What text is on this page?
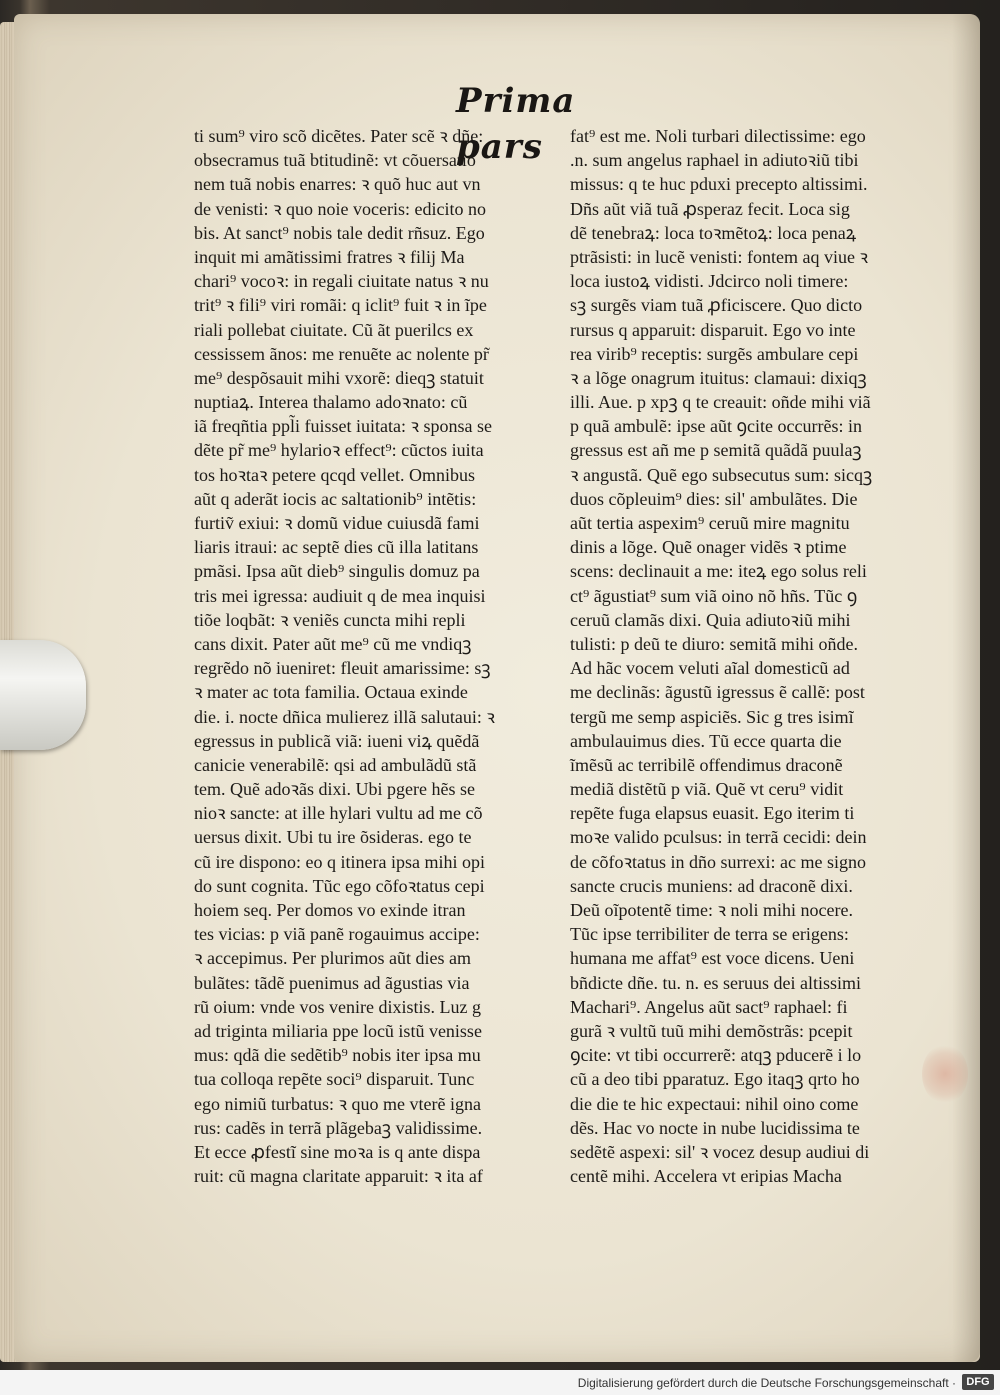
Prima pars
ti sum⁹ viro scõ dicẽtes. Pater scẽ ꝛ dñe:
obsecramus tuã btitudinẽ: vt cõuersatio
nem tuã nobis enarres: ꝛ quõ huc aut vn
de venisti: ꝛ quo noie voceris: edicito no
bis. At sanct⁹ nobis tale dedit rñsuz. Ego
inquit mi amãtissimi fratres ꝛ filij Ma
chari⁹ vocoꝛ: in regali ciuitate natus ꝛ nu
trit⁹ ꝛ fili⁹ viri romãi: q iclit⁹ fuit ꝛ in ĩpe
riali pollebat ciuitate. Cũ ãt puerilcs ex
cessissem ãnos: me renuẽte ac nolente pr̃
me⁹ despõsauit mihi vxorẽ: dieqꝫ statuit
nuptiaꝝ. Interea thalamo adoꝛnato: cũ
iã freqñtia ppl̃i fuisset iuitata: ꝛ sponsa se
dẽte pr̃ me⁹ hylarioꝛ effect⁹: cũctos iuita
tos hoꝛtaꝛ petere qcqd vellet. Omnibus
aũt q aderãt iocis ac saltationib⁹ intẽtis:
furtiṽ exiui: ꝛ domũ vidue cuiusdã fami
liaris itraui: ac septẽ dies cũ illa latitans
pmãsi. Ipsa aũt dieb⁹ singulis domuz pa
tris mei igressa: audiuit q de mea inquisi
tiõe loqbãt: ꝛ veniẽs cuncta mihi repli
cans dixit. Pater aũt me⁹ cũ me vndiqꝫ
regrẽdo nõ iueniret: fleuit amarissime: sꝫ
ꝛ mater ac tota familia. Octaua exinde
die. i. nocte dñica mulierez illã salutaui: ꝛ
egressus in publicã viã: iueni viꝝ quẽdã
canicie venerabilẽ: qsi ad ambulãdũ stã
tem. Quẽ adoꝛãs dixi. Ubi pgere hẽs se
nioꝛ sancte: at ille hylari vultu ad me cõ
uersus dixit. Ubi tu ire õsideras. ego te
cũ ire dispono: eo q itinera ipsa mihi opi
do sunt cognita. Tũc ego cõfoꝛtatus cepi
hoiem seq. Per domos vo exinde itran
tes vicias: p viã panẽ rogauimus accipe:
ꝛ accepimus. Per plurimos aũt dies am
bulãtes: tãdẽ puenimus ad ãgustias via
rũ oium: vnde vos venire dixistis. Luz g
ad triginta miliaria ppe locũ istũ venisse
mus: qdã die sedẽtib⁹ nobis iter ipsa mu
tua colloqa repẽte soci⁹ disparuit. Tunc
ego nimiũ turbatus: ꝛ quo me vterẽ igna
rus: cadẽs in terrã plãgebaꝫ validissime.
Et ecce ꝓfestĩ sine moꝛa is q ante dispa
ruit: cũ magna claritate apparuit: ꝛ ita af
fat⁹ est me. Noli turbari dilectissime: ego
.n. sum angelus raphael in adiutoꝛiũ tibi
missus: q te huc pduxi precepto altissimi.
Dñs aũt viã tuã ꝓsperaz fecit. Loca sig
dẽ tenebraꝝ: loca toꝛmẽtoꝝ: loca penaꝝ
ptrãsisti: in lucẽ venisti: fontem aq viue ꝛ
loca iustoꝝ vidisti. Jdcirco noli timere:
sꝫ surgẽs viam tuã ꝓficiscere. Quo dicto
rursus q apparuit: disparuit. Ego vo inte
rea virib⁹ receptis: surgẽs ambulare cepi
ꝛ a lõge onagrum ituitus: clamaui: dixiqꝫ
illi. Aue. p xpꝫ q te creauit: oñde mihi viã
p quã ambulẽ: ipse aũt ꝯcite occurrẽs: in
gressus est añ me p semitã quãdã puulaꝫ
ꝛ angustã. Quẽ ego subsecutus sum: sicqꝫ
duos cõpleuim⁹ dies: sil' ambulãtes. Die
aũt tertia aspexim⁹ ceruũ mire magnitu
dinis a lõge. Quẽ onager vidẽs ꝛ ptime
scens: declinauit a me: iteꝝ ego solus reli
ct⁹ ãgustiat⁹ sum viã oino nõ hñs. Tũc ꝯ
ceruũ clamãs dixi. Quia adiutoꝛiũ mihi
tulisti: p deũ te diuro: semitã mihi oñde.
Ad hãc vocem veluti aĩal domesticũ ad
me declinãs: ãgustũ igressus ẽ callẽ: post
tergũ me semp aspiciẽs. Sic g tres isimĩ
ambulauimus dies. Tũ ecce quarta die
ĩmẽsũ ac terribilẽ offendimus draconẽ
mediã distẽtũ p viã. Quẽ vt ceru⁹ vidit
repẽte fuga elapsus euasit. Ego iterim ti
moꝛe valido pculsus: in terrã cecidi: dein
de cõfoꝛtatus in dño surrexi: ac me signo
sancte crucis muniens: ad draconẽ dixi.
Deũ oĩpotentẽ time: ꝛ noli mihi nocere.
Tũc ipse terribiliter de terra se erigens:
humana me affat⁹ est voce dicens. Ueni
bñdicte dñe. tu. n. es seruus dei altissimi
Machari⁹. Angelus aũt sact⁹ raphael: fi
gurã ꝛ vultũ tuũ mihi demõstrãs: pcepit
ꝯcite: vt tibi occurrerẽ: atqꝫ pducerẽ i lo
cũ a deo tibi pparatuz. Ego itaqꝫ qrto ho
die die te hic expectaui: nihil oino come
dẽs. Hac vo nocte in nube lucidissima te
sedẽtẽ aspexi: sil' ꝛ vocez desup audiui di
centẽ mihi. Accelera vt eripias Macha
Digitalisierung gefördert durch die Deutsche Forschungsgemeinschaft · DFG
